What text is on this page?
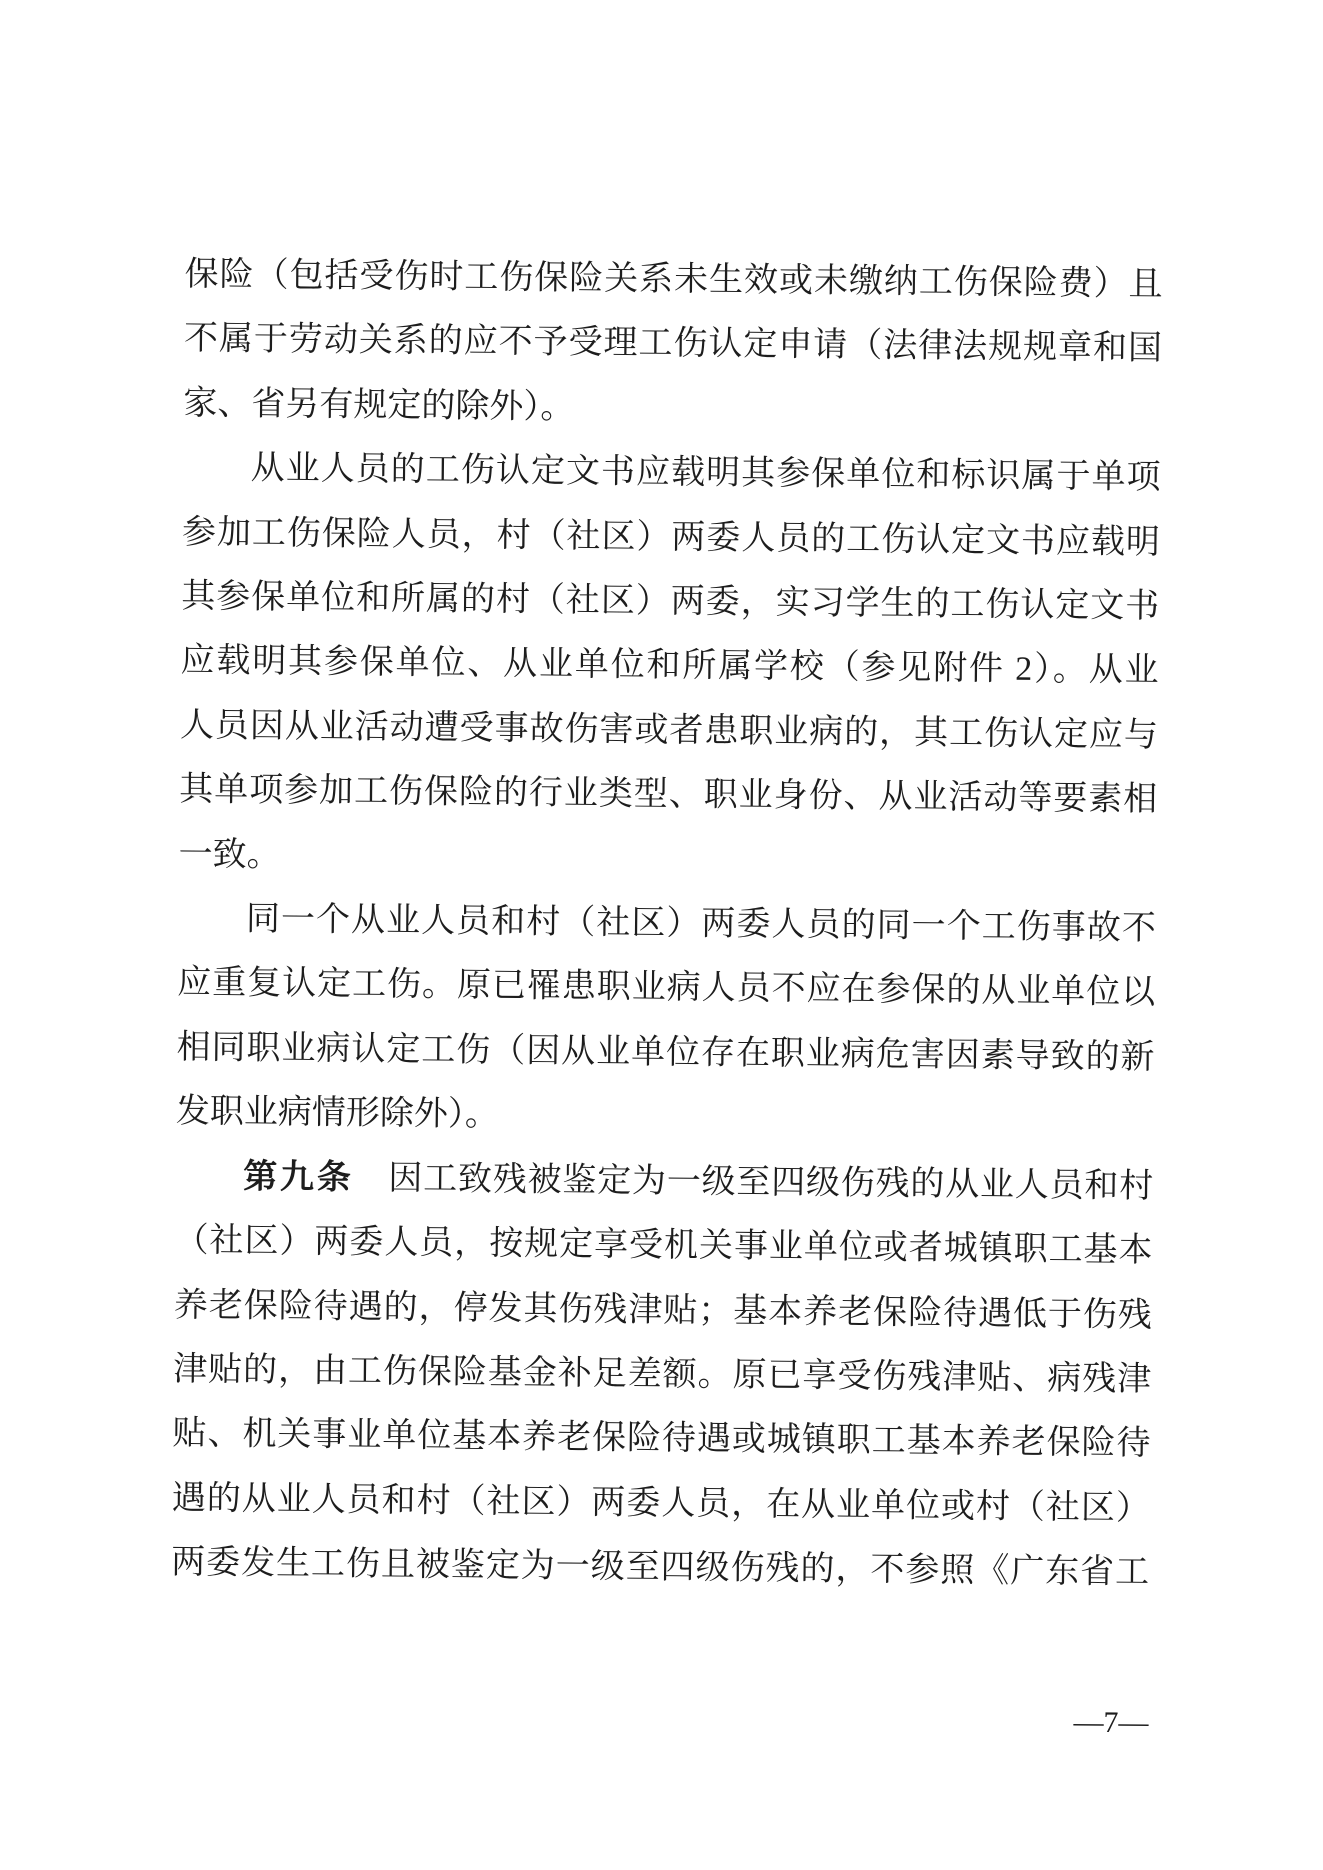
保险（包括受伤时工伤保险关系未生效或未缴纳工伤保险费）且
不属于劳动关系的应不予受理工伤认定申请（法律法规规章和国
家、省另有规定的除外）。
从业人员的工伤认定文书应载明其参保单位和标识属于单项
参加工伤保险人员，村（社区）两委人员的工伤认定文书应载明
其参保单位和所属的村（社区）两委，实习学生的工伤认定文书
应载明其参保单位、从业单位和所属学校（参见附件 2）。从业
人员因从业活动遭受事故伤害或者患职业病的，其工伤认定应与
其单项参加工伤保险的行业类型、职业身份、从业活动等要素相
一致。
同一个从业人员和村（社区）两委人员的同一个工伤事故不
应重复认定工伤。原已罹患职业病人员不应在参保的从业单位以
相同职业病认定工伤（因从业单位存在职业病危害因素导致的新
发职业病情形除外）。
第九条　因工致残被鉴定为一级至四级伤残的从业人员和村
（社区）两委人员，按规定享受机关事业单位或者城镇职工基本
养老保险待遇的，停发其伤残津贴；基本养老保险待遇低于伤残
津贴的，由工伤保险基金补足差额。原已享受伤残津贴、病残津
贴、机关事业单位基本养老保险待遇或城镇职工基本养老保险待
遇的从业人员和村（社区）两委人员，在从业单位或村（社区）
两委发生工伤且被鉴定为一级至四级伤残的，不参照《广东省工
—7—
